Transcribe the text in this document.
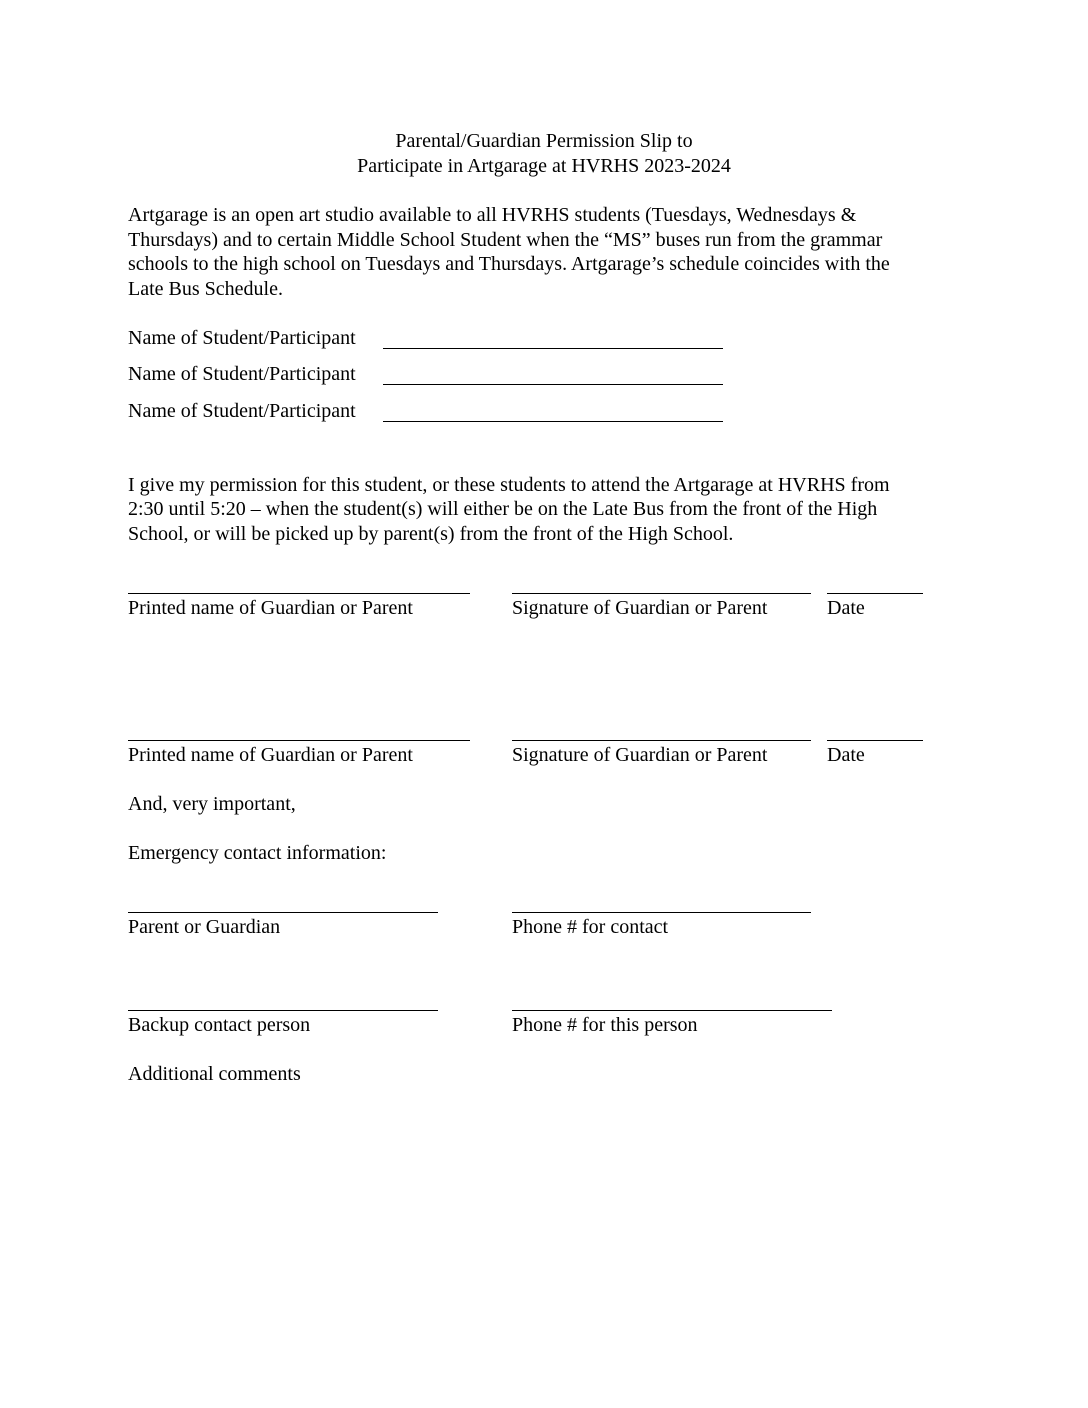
Parental/Guardian Permission Slip to
Participate in Artgarage at HVRHS 2023-2024
Artgarage is an open art studio available to all HVRHS students (Tuesdays, Wednesdays &
Thursdays) and to certain Middle School Student when the “MS” buses run from the grammar
schools to the high school on Tuesdays and Thursdays. Artgarage’s schedule coincides with the
Late Bus Schedule.
Name of Student/Participant
Name of Student/Participant
Name of Student/Participant
I give my permission for this student, or these students to attend the Artgarage at HVRHS from
2:30 until 5:20 – when the student(s) will either be on the Late Bus from the front of the High
School, or will be picked up by parent(s) from the front of the High School.
Printed name of Guardian or Parent	Signature of Guardian or Parent	Date
Printed name of Guardian or Parent	Signature of Guardian or Parent	Date
And, very important,
Emergency contact information:
Parent or Guardian	Phone # for contact
Backup contact person	Phone # for this person
Additional comments
